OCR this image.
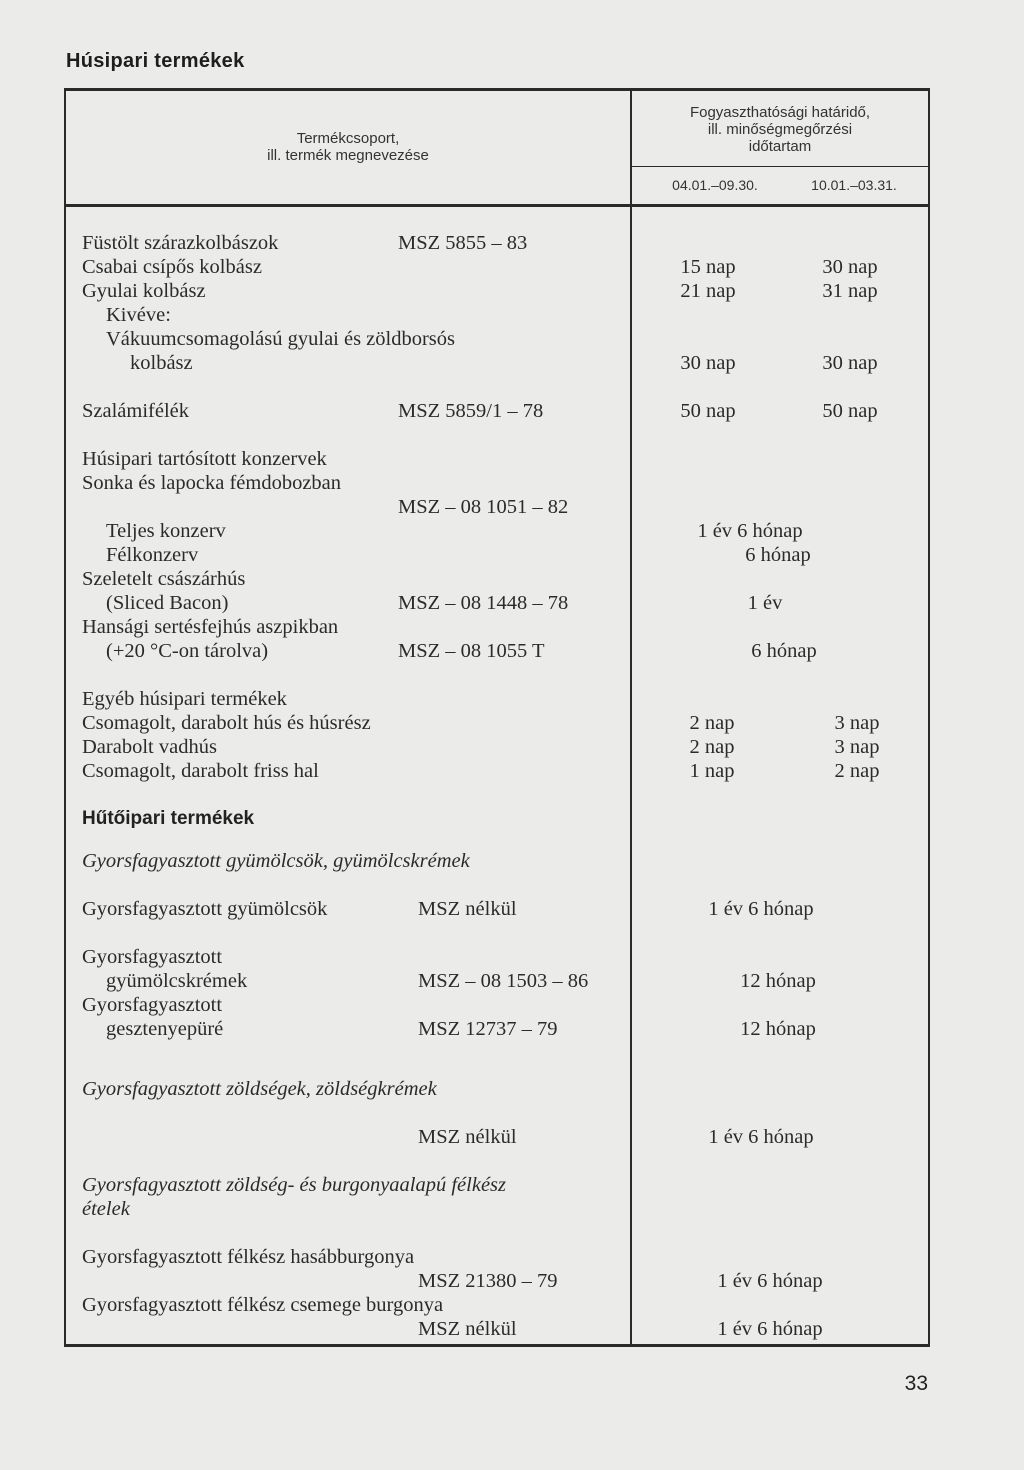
Húsipari termékek
Termékcsoport,
ill. termék megnevezése
Fogyaszthatósági határidő,
ill. minőségmegőrzési
időtartam
04.01.–09.30.	10.01.–03.31.
Füstölt szárazkolbászok	MSZ 5855 – 83
Csabai csípős kolbász	15 nap	30 nap
Gyulai kolbász	21 nap	31 nap
Kivéve:
Vákuumcsomagolású gyulai és zöldborsós
kolbász	30 nap	30 nap
Szalámifélék	MSZ 5859/1 – 78	50 nap	50 nap
Húsipari tartósított konzervek
Sonka és lapocka fémdobozban
MSZ – 08 1051 – 82
Teljes konzerv	1 év 6 hónap
Félkonzerv	6 hónap
Szeletelt császárhús
(Sliced Bacon)	MSZ – 08 1448 – 78	1 év
Hansági sertésfejhús aszpikban
(+20 °C-on tárolva)	MSZ – 08 1055 T	6 hónap
Egyéb húsipari termékek
Csomagolt, darabolt hús és húsrész	2 nap	3 nap
Darabolt vadhús	2 nap	3 nap
Csomagolt, darabolt friss hal	1 nap	2 nap
Hűtőipari termékek
Gyorsfagyasztott gyümölcsök, gyümölcskrémek
Gyorsfagyasztott gyümölcsök	MSZ nélkül	1 év 6 hónap
Gyorsfagyasztott
gyümölcskrémek	MSZ – 08 1503 – 86	12 hónap
Gyorsfagyasztott
gesztenyepüré	MSZ 12737 – 79	12 hónap
Gyorsfagyasztott zöldségek, zöldségkrémek
MSZ nélkül	1 év 6 hónap
Gyorsfagyasztott zöldség- és burgonyaalapú félkész
ételek
Gyorsfagyasztott félkész hasábburgonya
MSZ 21380 – 79	1 év 6 hónap
Gyorsfagyasztott félkész csemege burgonya
MSZ nélkül	1 év 6 hónap
33
